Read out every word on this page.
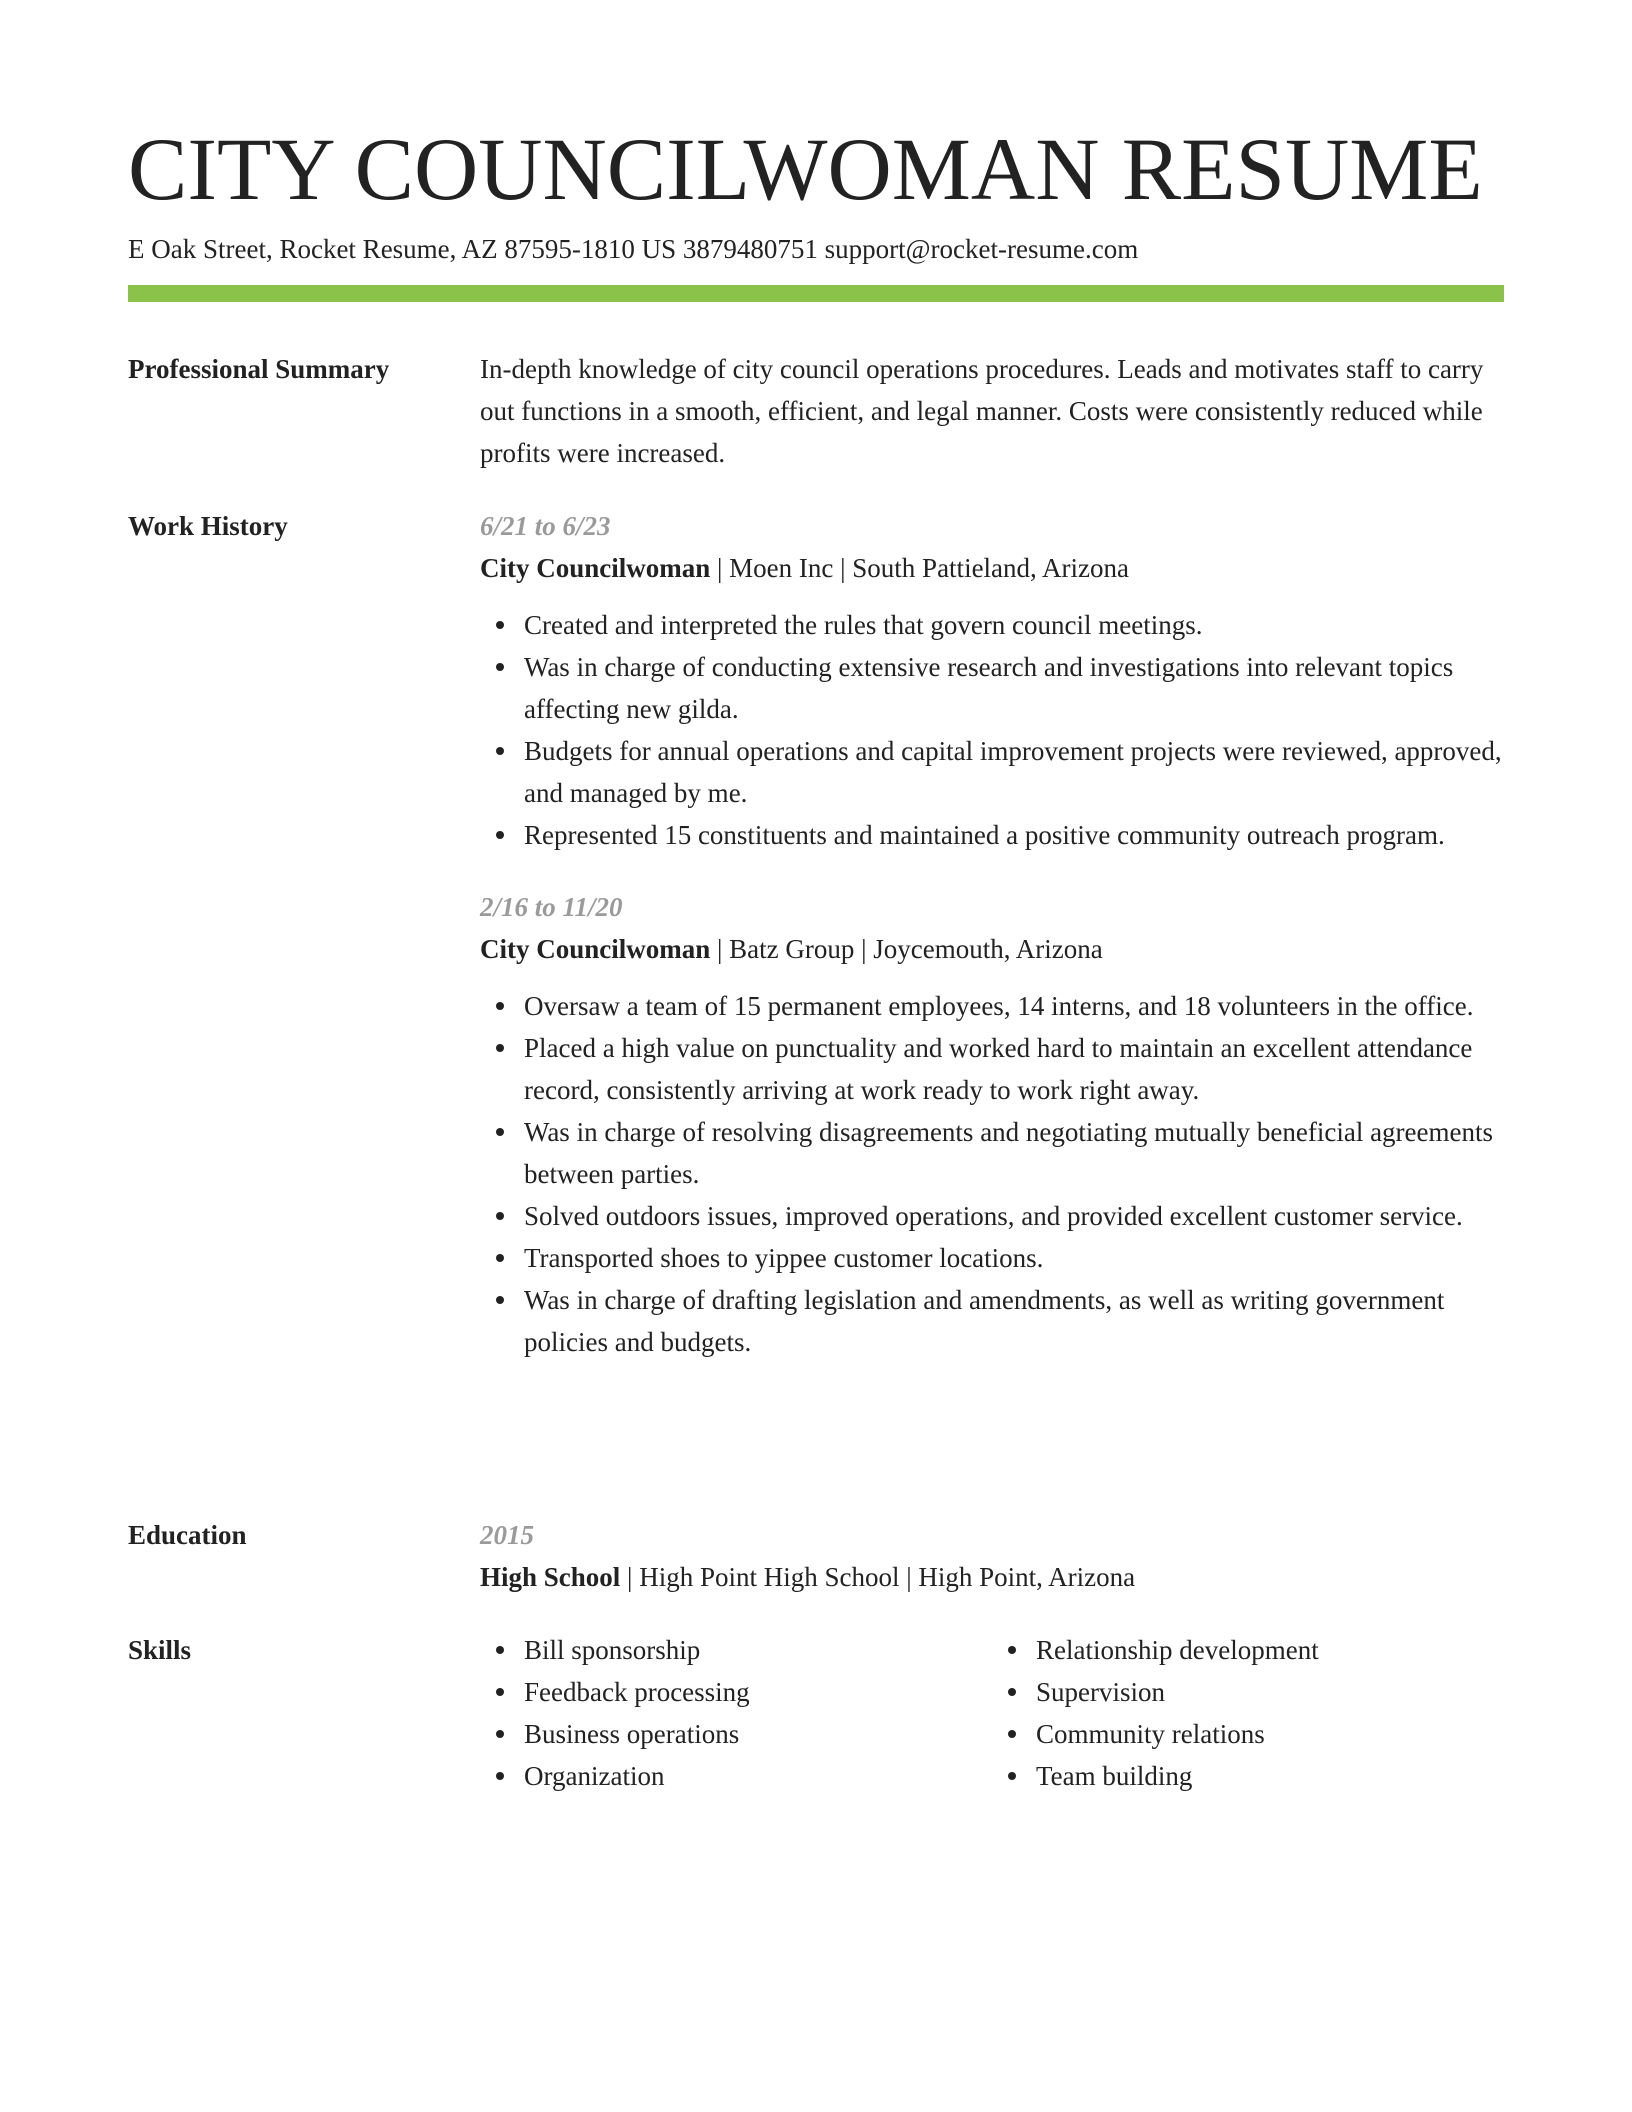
CITY COUNCILWOMAN RESUME
E Oak Street, Rocket Resume, AZ 87595-1810 US 3879480751 support@rocket-resume.com
Professional Summary	In-depth knowledge of city council operations procedures. Leads and motivates staff to carry out functions in a smooth, efficient, and legal manner. Costs were consistently reduced while profits were increased.

Work History	6/21 to 6/23
City Councilwoman | Moen Inc | South Pattieland, Arizona
Created and interpreted the rules that govern council meetings.
Was in charge of conducting extensive research and investigations into relevant topics affecting new gilda.
Budgets for annual operations and capital improvement projects were reviewed, approved, and managed by me.
Represented 15 constituents and maintained a positive community outreach program.
2/16 to 11/20
City Councilwoman | Batz Group | Joycemouth, Arizona
Oversaw a team of 15 permanent employees, 14 interns, and 18 volunteers in the office.
Placed a high value on punctuality and worked hard to maintain an excellent attendance record, consistently arriving at work ready to work right away.
Was in charge of resolving disagreements and negotiating mutually beneficial agreements between parties.
Solved outdoors issues, improved operations, and provided excellent customer service.
Transported shoes to yippee customer locations.
Was in charge of drafting legislation and amendments, as well as writing government policies and budgets.
Education	2015
High School | High Point High School | High Point, Arizona
Skills	Bill sponsorship
Feedback processing
Business operations
Organization
Relationship development
Supervision
Community relations
Team building
